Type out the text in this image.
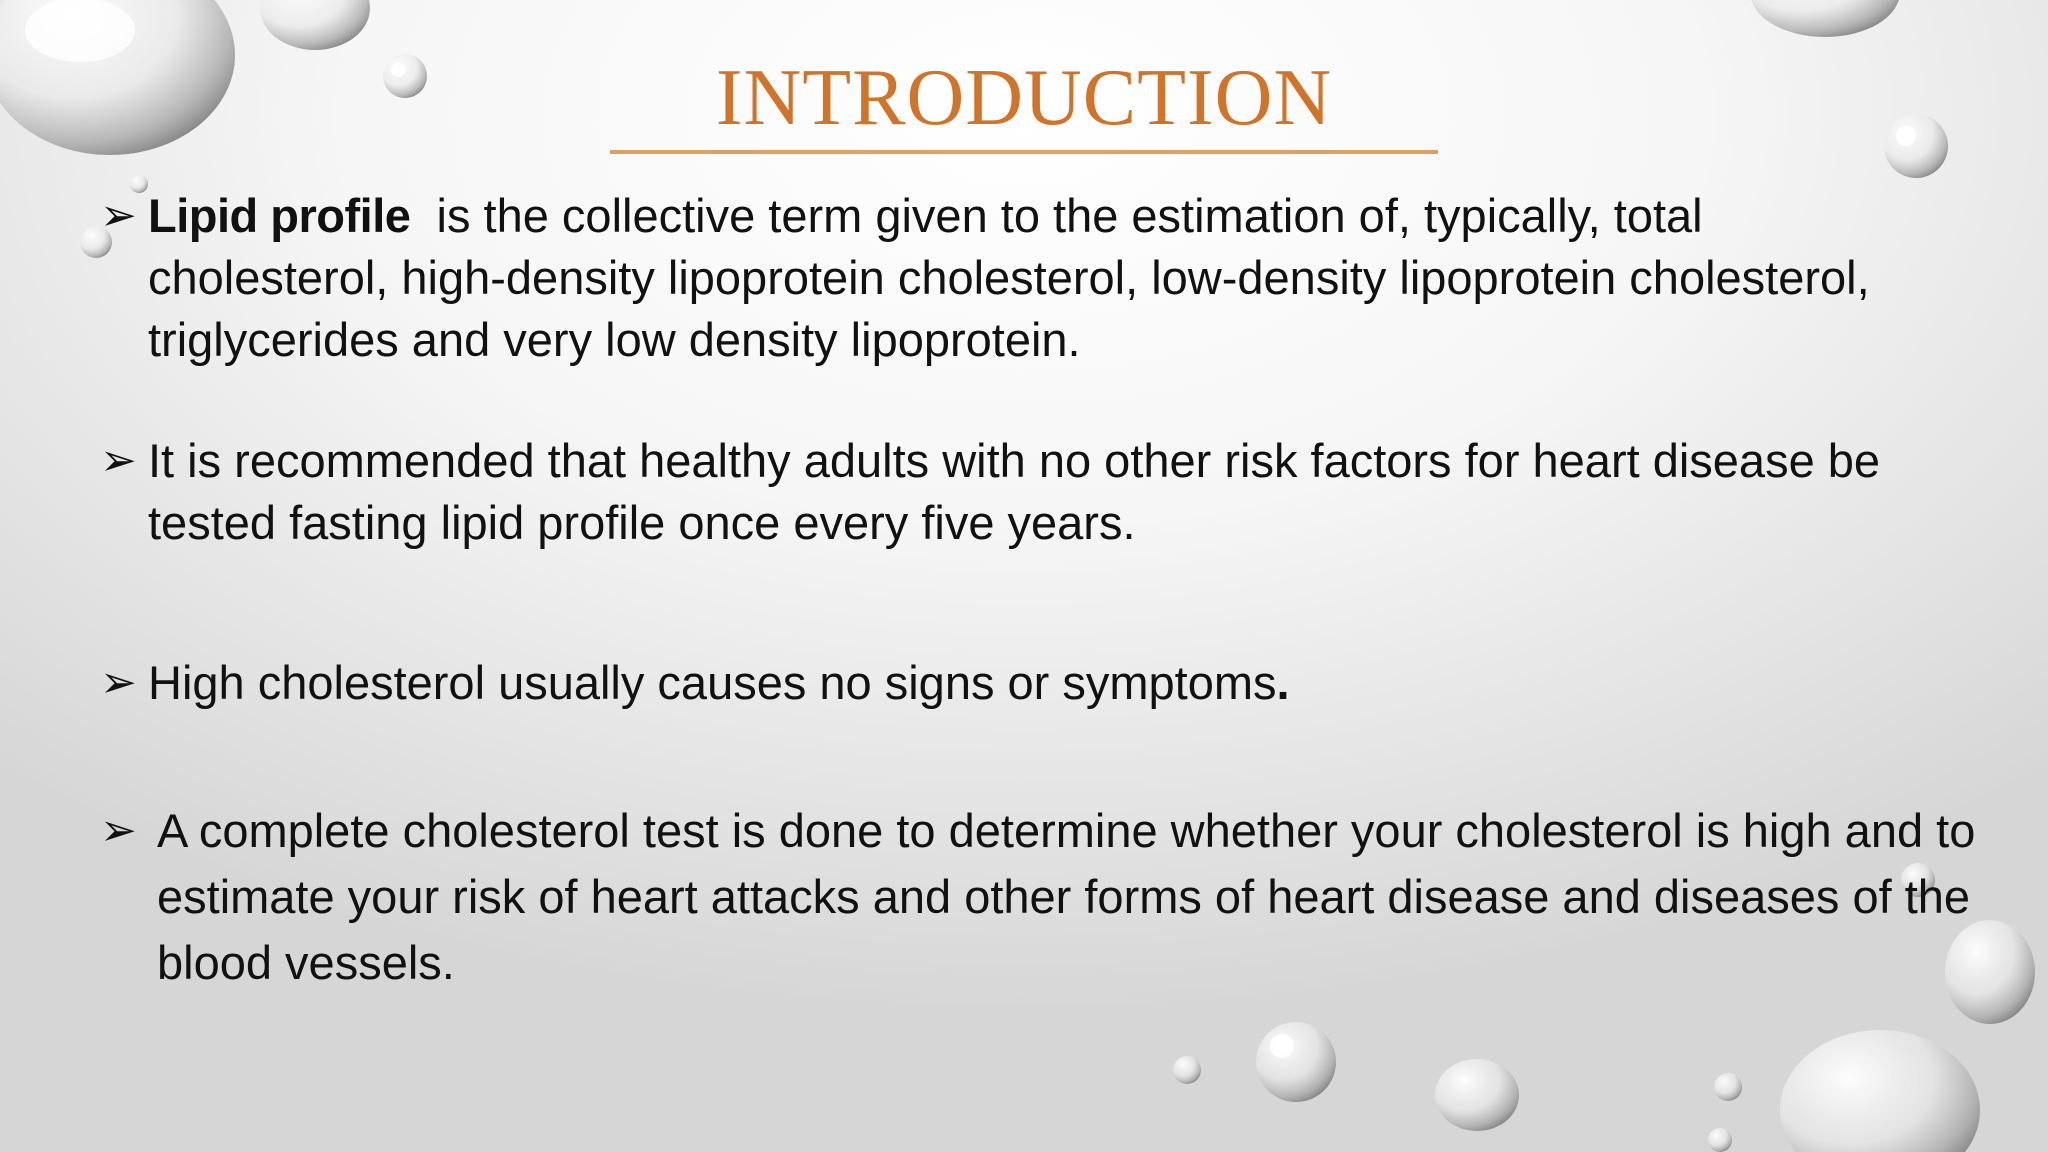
INTRODUCTION
➢ Lipid profile  is the collective term given to the estimation of, typically, total cholesterol, high-density lipoprotein cholesterol, low-density lipoprotein cholesterol, triglycerides and very low density lipoprotein.
➢ It is recommended that healthy adults with no other risk factors for heart disease be tested fasting lipid profile once every five years.
➢ High cholesterol usually causes no signs or symptoms.
➢ A complete cholesterol test is done to determine whether your cholesterol is high and to estimate your risk of heart attacks and other forms of heart disease and diseases of the blood vessels.
